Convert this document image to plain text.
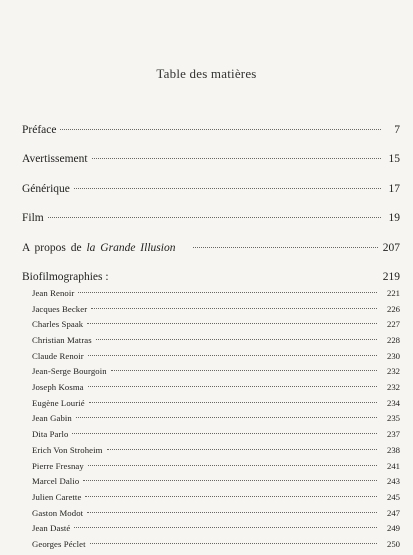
Table des matières
Préface	7
Avertissement	15
Générique	17
Film	19
A propos de la Grande Illusion	207
Biofilmographies :	219
Jean Renoir	221
Jacques Becker	226
Charles Spaak	227
Christian Matras	228
Claude Renoir	230
Jean-Serge Bourgoin	232
Joseph Kosma	232
Eugène Lourié	234
Jean Gabin	235
Dita Parlo	237
Erich Von Stroheim	238
Pierre Fresnay	241
Marcel Dalio	243
Julien Carette	245
Gaston Modot	247
Jean Dasté	249
Georges Péclet	250
